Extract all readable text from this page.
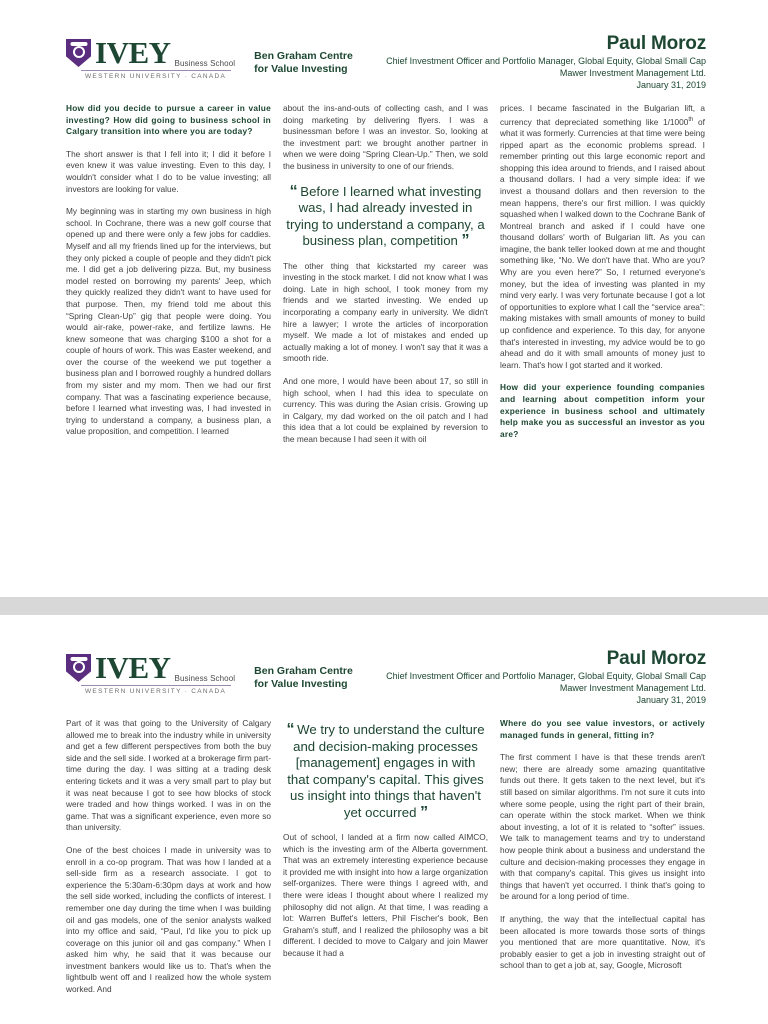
IVEY Business School
WESTERN UNIVERSITY · CANADA
Ben Graham Centre
for Value Investing
Paul Moroz
Chief Investment Officer and Portfolio Manager, Global Equity, Global Small Cap
Mawer Investment Management Ltd.
January 31, 2019

How did you decide to pursue a career in value investing? How did going to business school in Calgary transition into where you are today?

The short answer is that I fell into it; I did it before I even knew it was value investing. Even to this day, I wouldn't consider what I do to be value investing; all investors are looking for value.

My beginning was in starting my own business in high school. In Cochrane, there was a new golf course that opened up and there were only a few jobs for caddies. Myself and all my friends lined up for the interviews, but they only picked a couple of people and they didn't pick me. I did get a job delivering pizza. But, my business model rested on borrowing my parents' Jeep, which they quickly realized they didn't want to have used for that purpose. Then, my friend told me about this “Spring Clean-Up” gig that people were doing. You would air-rake, power-rake, and fertilize lawns. He knew someone that was charging $100 a shot for a couple of hours of work. This was Easter weekend, and over the course of the weekend we put together a business plan and I borrowed roughly a hundred dollars from my sister and my mom. Then we had our first company. That was a fascinating experience because, before I learned what investing was, I had invested in trying to understand a company, a business plan, a value proposition, and competition. I learned

about the ins-and-outs of collecting cash, and I was doing marketing by delivering flyers. I was a businessman before I was an investor. So, looking at the investment part: we brought another partner in when we were doing “Spring Clean-Up.” Then, we sold the business in university to one of our friends.

“ Before I learned what investing was, I had already invested in trying to understand a company, a business plan, competition ”

The other thing that kickstarted my career was investing in the stock market. I did not know what I was doing. Late in high school, I took money from my friends and we started investing. We ended up incorporating a company early in university. We didn't hire a lawyer; I wrote the articles of incorporation myself. We made a lot of mistakes and ended up actually making a lot of money. I won't say that it was a smooth ride.

And one more, I would have been about 17, so still in high school, when I had this idea to speculate on currency. This was during the Asian crisis. Growing up in Calgary, my dad worked on the oil patch and I had this idea that a lot could be explained by reversion to the mean because I had seen it with oil

prices. I became fascinated in the Bulgarian lift, a currency that depreciated something like 1/1000th of what it was formerly. Currencies at that time were being ripped apart as the economic problems spread. I remember printing out this large economic report and shopping this idea around to friends, and I raised about a thousand dollars. I had a very simple idea: if we invest a thousand dollars and then reversion to the mean happens, there's our first million. I was quickly squashed when I walked down to the Cochrane Bank of Montreal branch and asked if I could have one thousand dollars' worth of Bulgarian lift. As you can imagine, the bank teller looked down at me and thought something like, “No. We don't have that. Who are you? Why are you even here?” So, I returned everyone's money, but the idea of investing was planted in my mind very early. I was very fortunate because I got a lot of opportunities to explore what I call the “service area”: making mistakes with small amounts of money to build up confidence and experience. To this day, for anyone that's interested in investing, my advice would be to go ahead and do it with small amounts of money just to learn. That's how I got started and it worked.

How did your experience founding companies and learning about competition inform your experience in business school and ultimately help make you as successful an investor as you are?

IVEY Business School
WESTERN UNIVERSITY · CANADA
Ben Graham Centre
for Value Investing
Paul Moroz
Chief Investment Officer and Portfolio Manager, Global Equity, Global Small Cap
Mawer Investment Management Ltd.
January 31, 2019

Part of it was that going to the University of Calgary allowed me to break into the industry while in university and get a few different perspectives from both the buy side and the sell side. I worked at a brokerage firm part-time during the day. I was sitting at a trading desk entering tickets and it was a very small part to play but it was neat because I got to see how blocks of stock were traded and how things worked. I was in on the game. That was a significant experience, even more so than university.

One of the best choices I made in university was to enroll in a co-op program. That was how I landed at a sell-side firm as a research associate. I got to experience the 5:30am-6:30pm days at work and how the sell side worked, including the conflicts of interest. I remember one day during the time when I was building oil and gas models, one of the senior analysts walked into my office and said, “Paul, I'd like you to pick up coverage on this junior oil and gas company.” When I asked him why, he said that it was because our investment bankers would like us to. That's when the lightbulb went off and I realized how the whole system worked. And

“ We try to understand the culture and decision-making processes [management] engages in with that company's capital. This gives us insight into things that haven't yet occurred ”

Out of school, I landed at a firm now called AIMCO, which is the investing arm of the Alberta government. That was an extremely interesting experience because it provided me with insight into how a large organization self-organizes. There were things I agreed with, and there were ideas I thought about where I realized my philosophy did not align. At that time, I was reading a lot: Warren Buffet's letters, Phil Fischer's book, Ben Graham's stuff, and I realized the philosophy was a bit different. I decided to move to Calgary and join Mawer because it had a

Where do you see value investors, or actively managed funds in general, fitting in?

The first comment I have is that these trends aren't new; there are already some amazing quantitative funds out there. It gets taken to the next level, but it's still based on similar algorithms. I'm not sure it cuts into where some people, using the right part of their brain, can operate within the stock market. When we think about investing, a lot of it is related to “softer” issues. We talk to management teams and try to understand how people think about a business and understand the culture and decision-making processes they engage in with that company's capital. This gives us insight into things that haven't yet occurred. I think that's going to be around for a long period of time.

If anything, the way that the intellectual capital has been allocated is more towards those sorts of things you mentioned that are more quantitative. Now, it's probably easier to get a job in investing straight out of school than to get a job at, say, Google, Microsoft
